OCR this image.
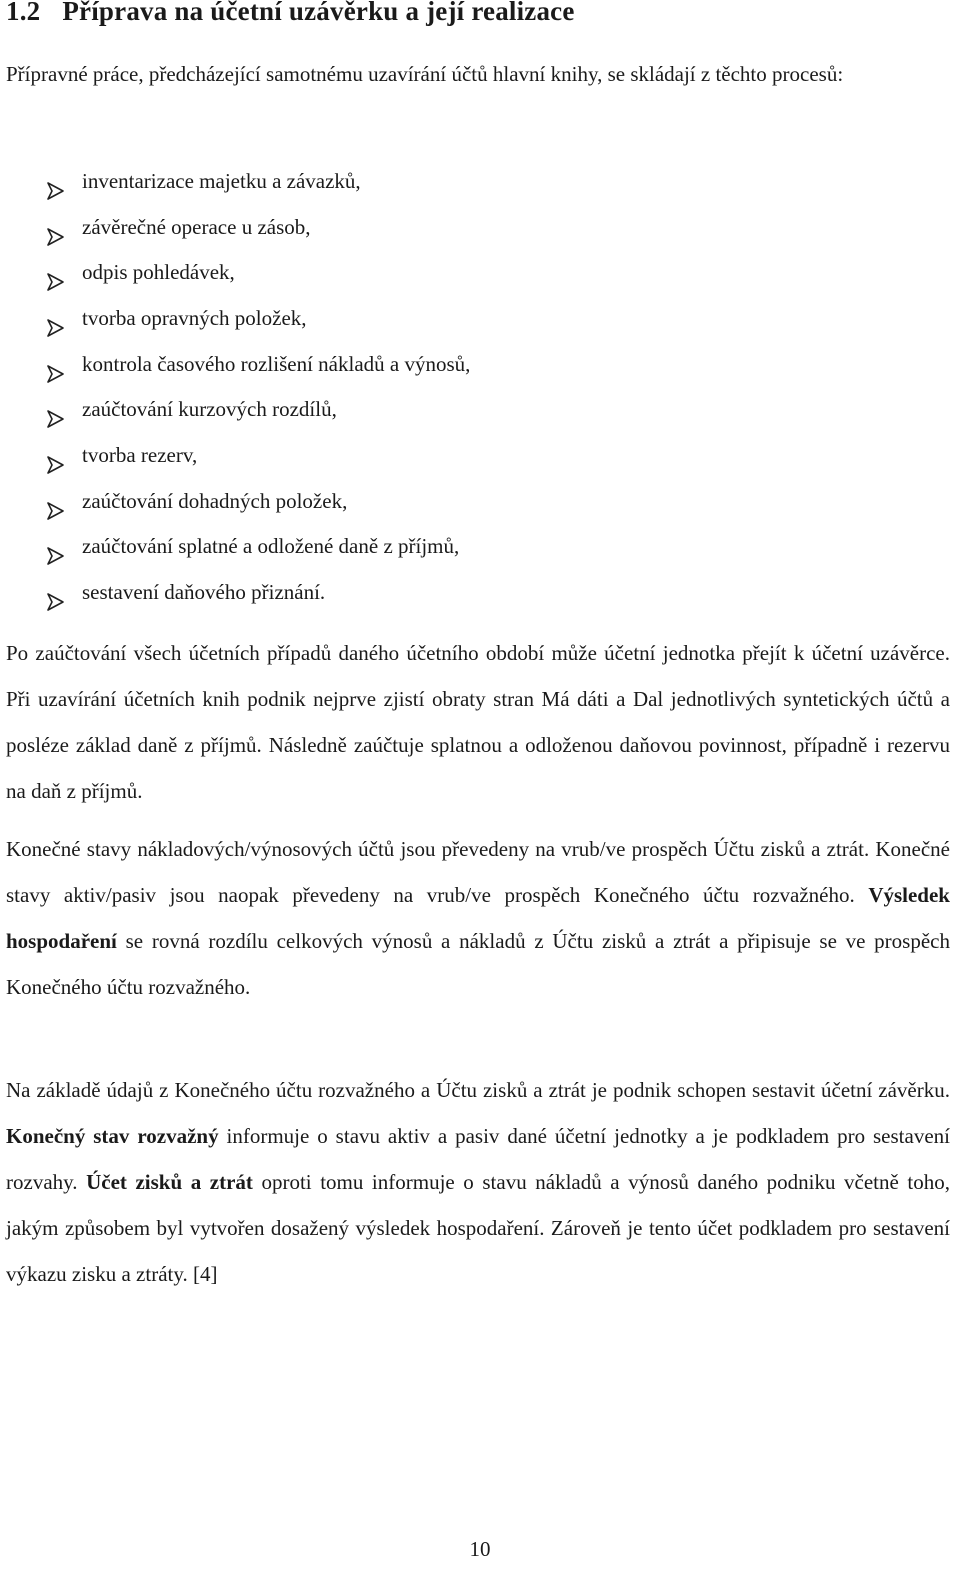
1.2 Příprava na účetní uzávěrku a její realizace
Přípravné práce, předcházející samotnému uzavírání účtů hlavní knihy, se skládají z těchto procesů:
inventarizace majetku a závazků,
závěrečné operace u zásob,
odpis pohledávek,
tvorba opravných položek,
kontrola časového rozlišení nákladů a výnosů,
zaúčtování kurzových rozdílů,
tvorba rezerv,
zaúčtování dohadných položek,
zaúčtování splatné a odložené daně z příjmů,
sestavení daňového přiznání.
Po zaúčtování všech účetních případů daného účetního období může účetní jednotka přejít k účetní uzávěrce. Při uzavírání účetních knih podnik nejprve zjistí obraty stran Má dáti a Dal jednotlivých syntetických účtů a posléze základ daně z příjmů. Následně zaúčtuje splatnou a odloženou daňovou povinnost, případně i rezervu na daň z příjmů.
Konečné stavy nákladových/výnosových účtů jsou převedeny na vrub/ve prospěch Účtu zisků a ztrát. Konečné stavy aktiv/pasiv jsou naopak převedeny na vrub/ve prospěch Konečného účtu rozvažného. Výsledek hospodaření se rovná rozdílu celkových výnosů a nákladů z Účtu zisků a ztrát a připisuje se ve prospěch Konečného účtu rozvažného.
Na základě údajů z Konečného účtu rozvažného a Účtu zisků a ztrát je podnik schopen sestavit účetní závěrku. Konečný stav rozvažný informuje o stavu aktiv a pasiv dané účetní jednotky a je podkladem pro sestavení rozvahy. Účet zisků a ztrát oproti tomu informuje o stavu nákladů a výnosů daného podniku včetně toho, jakým způsobem byl vytvořen dosažený výsledek hospodaření. Zároveň je tento účet podkladem pro sestavení výkazu zisku a ztráty. [4]
10
